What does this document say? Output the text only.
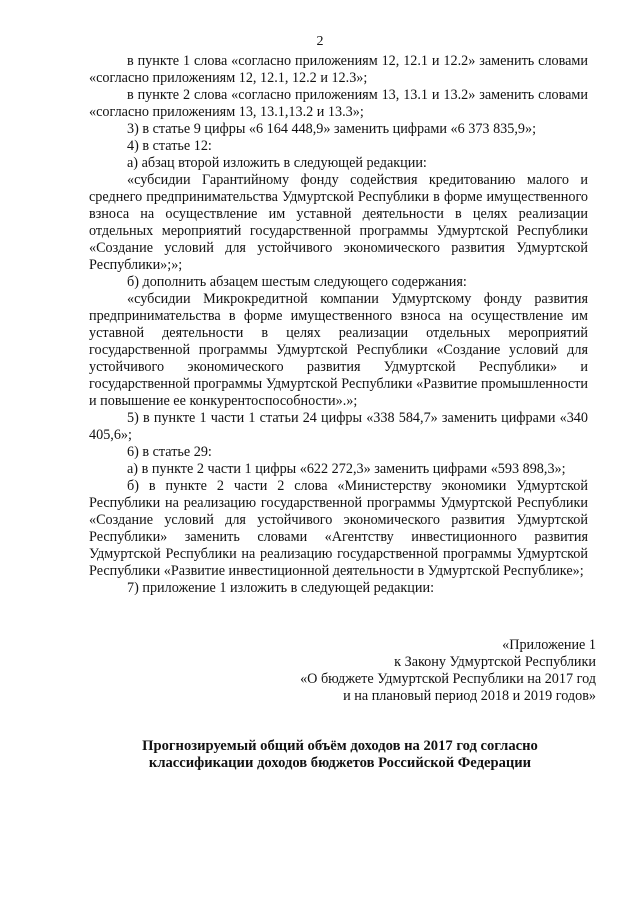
2

в пункте 1 слова «согласно приложениям 12, 12.1 и 12.2» заменить словами «согласно приложениям 12, 12.1, 12.2 и 12.3»;

в пункте 2 слова «согласно приложениям 13, 13.1 и 13.2» заменить словами «согласно приложениям 13, 13.1,13.2 и 13.3»;

3) в статье 9 цифры «6 164 448,9» заменить цифрами «6 373 835,9»;

4) в статье 12:

а) абзац второй изложить в следующей редакции:

«субсидии Гарантийному фонду содействия кредитованию малого и среднего предпринимательства Удмуртской Республики в форме имущественного взноса на осуществление им уставной деятельности в целях реализации отдельных мероприятий государственной программы Удмуртской Республики «Создание условий для устойчивого экономического развития Удмуртской Республики»;»;

б) дополнить абзацем шестым следующего содержания:

«субсидии Микрокредитной компании Удмуртскому фонду развития предпринимательства в форме имущественного взноса на осуществление им уставной деятельности в целях реализации отдельных мероприятий государственной программы Удмуртской Республики «Создание условий для устойчивого экономического развития Удмуртской Республики» и государственной программы Удмуртской Республики «Развитие промышленности и повышение ее конкурентоспособности».»;

5) в пункте 1 части 1 статьи 24 цифры «338 584,7» заменить цифрами «340 405,6»;

6) в статье 29:

а) в пункте 2 части 1 цифры «622 272,3» заменить цифрами «593 898,3»;

б) в пункте 2 части 2 слова «Министерству экономики Удмуртской Республики на реализацию государственной программы Удмуртской Республики «Создание условий для устойчивого экономического развития Удмуртской Республики» заменить словами «Агентству инвестиционного развития Удмуртской Республики на реализацию государственной программы Удмуртской Республики «Развитие инвестиционной деятельности в Удмуртской Республике»;

7) приложение 1 изложить в следующей редакции:

«Приложение 1
к Закону Удмуртской Республики
«О бюджете Удмуртской Республики на 2017 год
и на плановый период 2018 и 2019 годов»
Прогнозируемый общий объём доходов на 2017 год согласно
классификации доходов бюджетов Российской Федерации
